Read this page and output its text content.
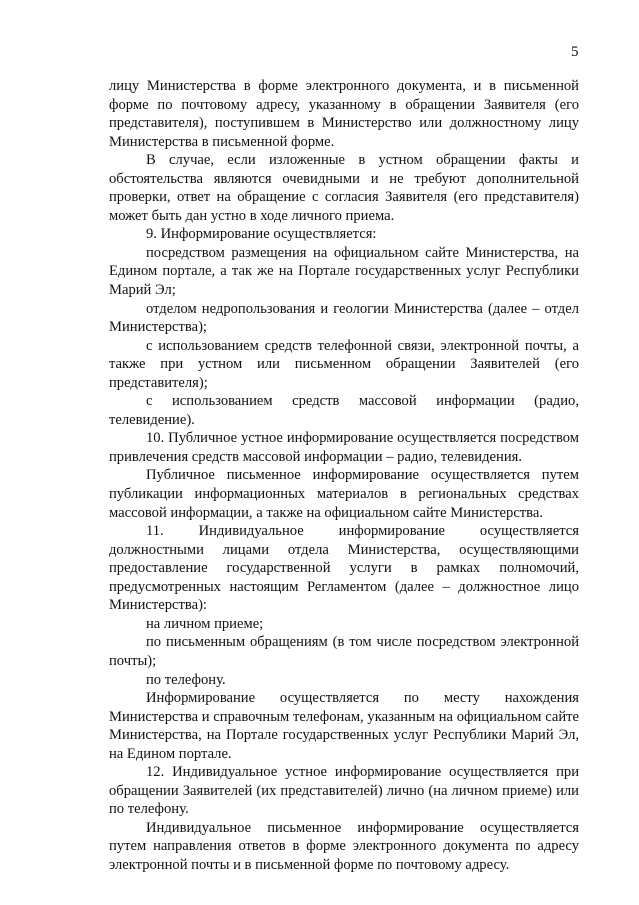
5

лицу Министерства в форме электронного документа, и в письменной форме по почтовому адресу, указанному в обращении Заявителя (его представителя), поступившем в Министерство или должностному лицу Министерства в письменной форме.

В случае, если изложенные в устном обращении факты и обстоятельства являются очевидными и не требуют дополнительной проверки, ответ на обращение с согласия Заявителя (его представителя) может быть дан устно в ходе личного приема.

9. Информирование осуществляется:

посредством размещения на официальном сайте Министерства, на Едином портале, а так же на Портале государственных услуг Республики Марий Эл;

отделом недропользования и геологии Министерства (далее – отдел Министерства);

с использованием средств телефонной связи, электронной почты, а также при устном или письменном обращении Заявителей (его представителя);

с использованием средств массовой информации (радио, телевидение).

10. Публичное устное информирование осуществляется посредством привлечения средств массовой информации – радио, телевидения.

Публичное письменное информирование осуществляется путем публикации информационных материалов в региональных средствах массовой информации, а также на официальном сайте Министерства.

11. Индивидуальное информирование осуществляется должностными лицами отдела Министерства, осуществляющими предоставление государственной услуги в рамках полномочий, предусмотренных настоящим Регламентом (далее – должностное лицо Министерства):

на личном приеме;

по письменным обращениям (в том числе посредством электронной почты);

по телефону.

Информирование осуществляется по месту нахождения Министерства и справочным телефонам, указанным на официальном сайте Министерства, на Портале государственных услуг Республики Марий Эл, на Едином портале.

12. Индивидуальное устное информирование осуществляется при обращении Заявителей (их представителей) лично (на личном приеме) или по телефону.

Индивидуальное письменное информирование осуществляется путем направления ответов в форме электронного документа по адресу электронной почты и в письменной форме по почтовому адресу.
